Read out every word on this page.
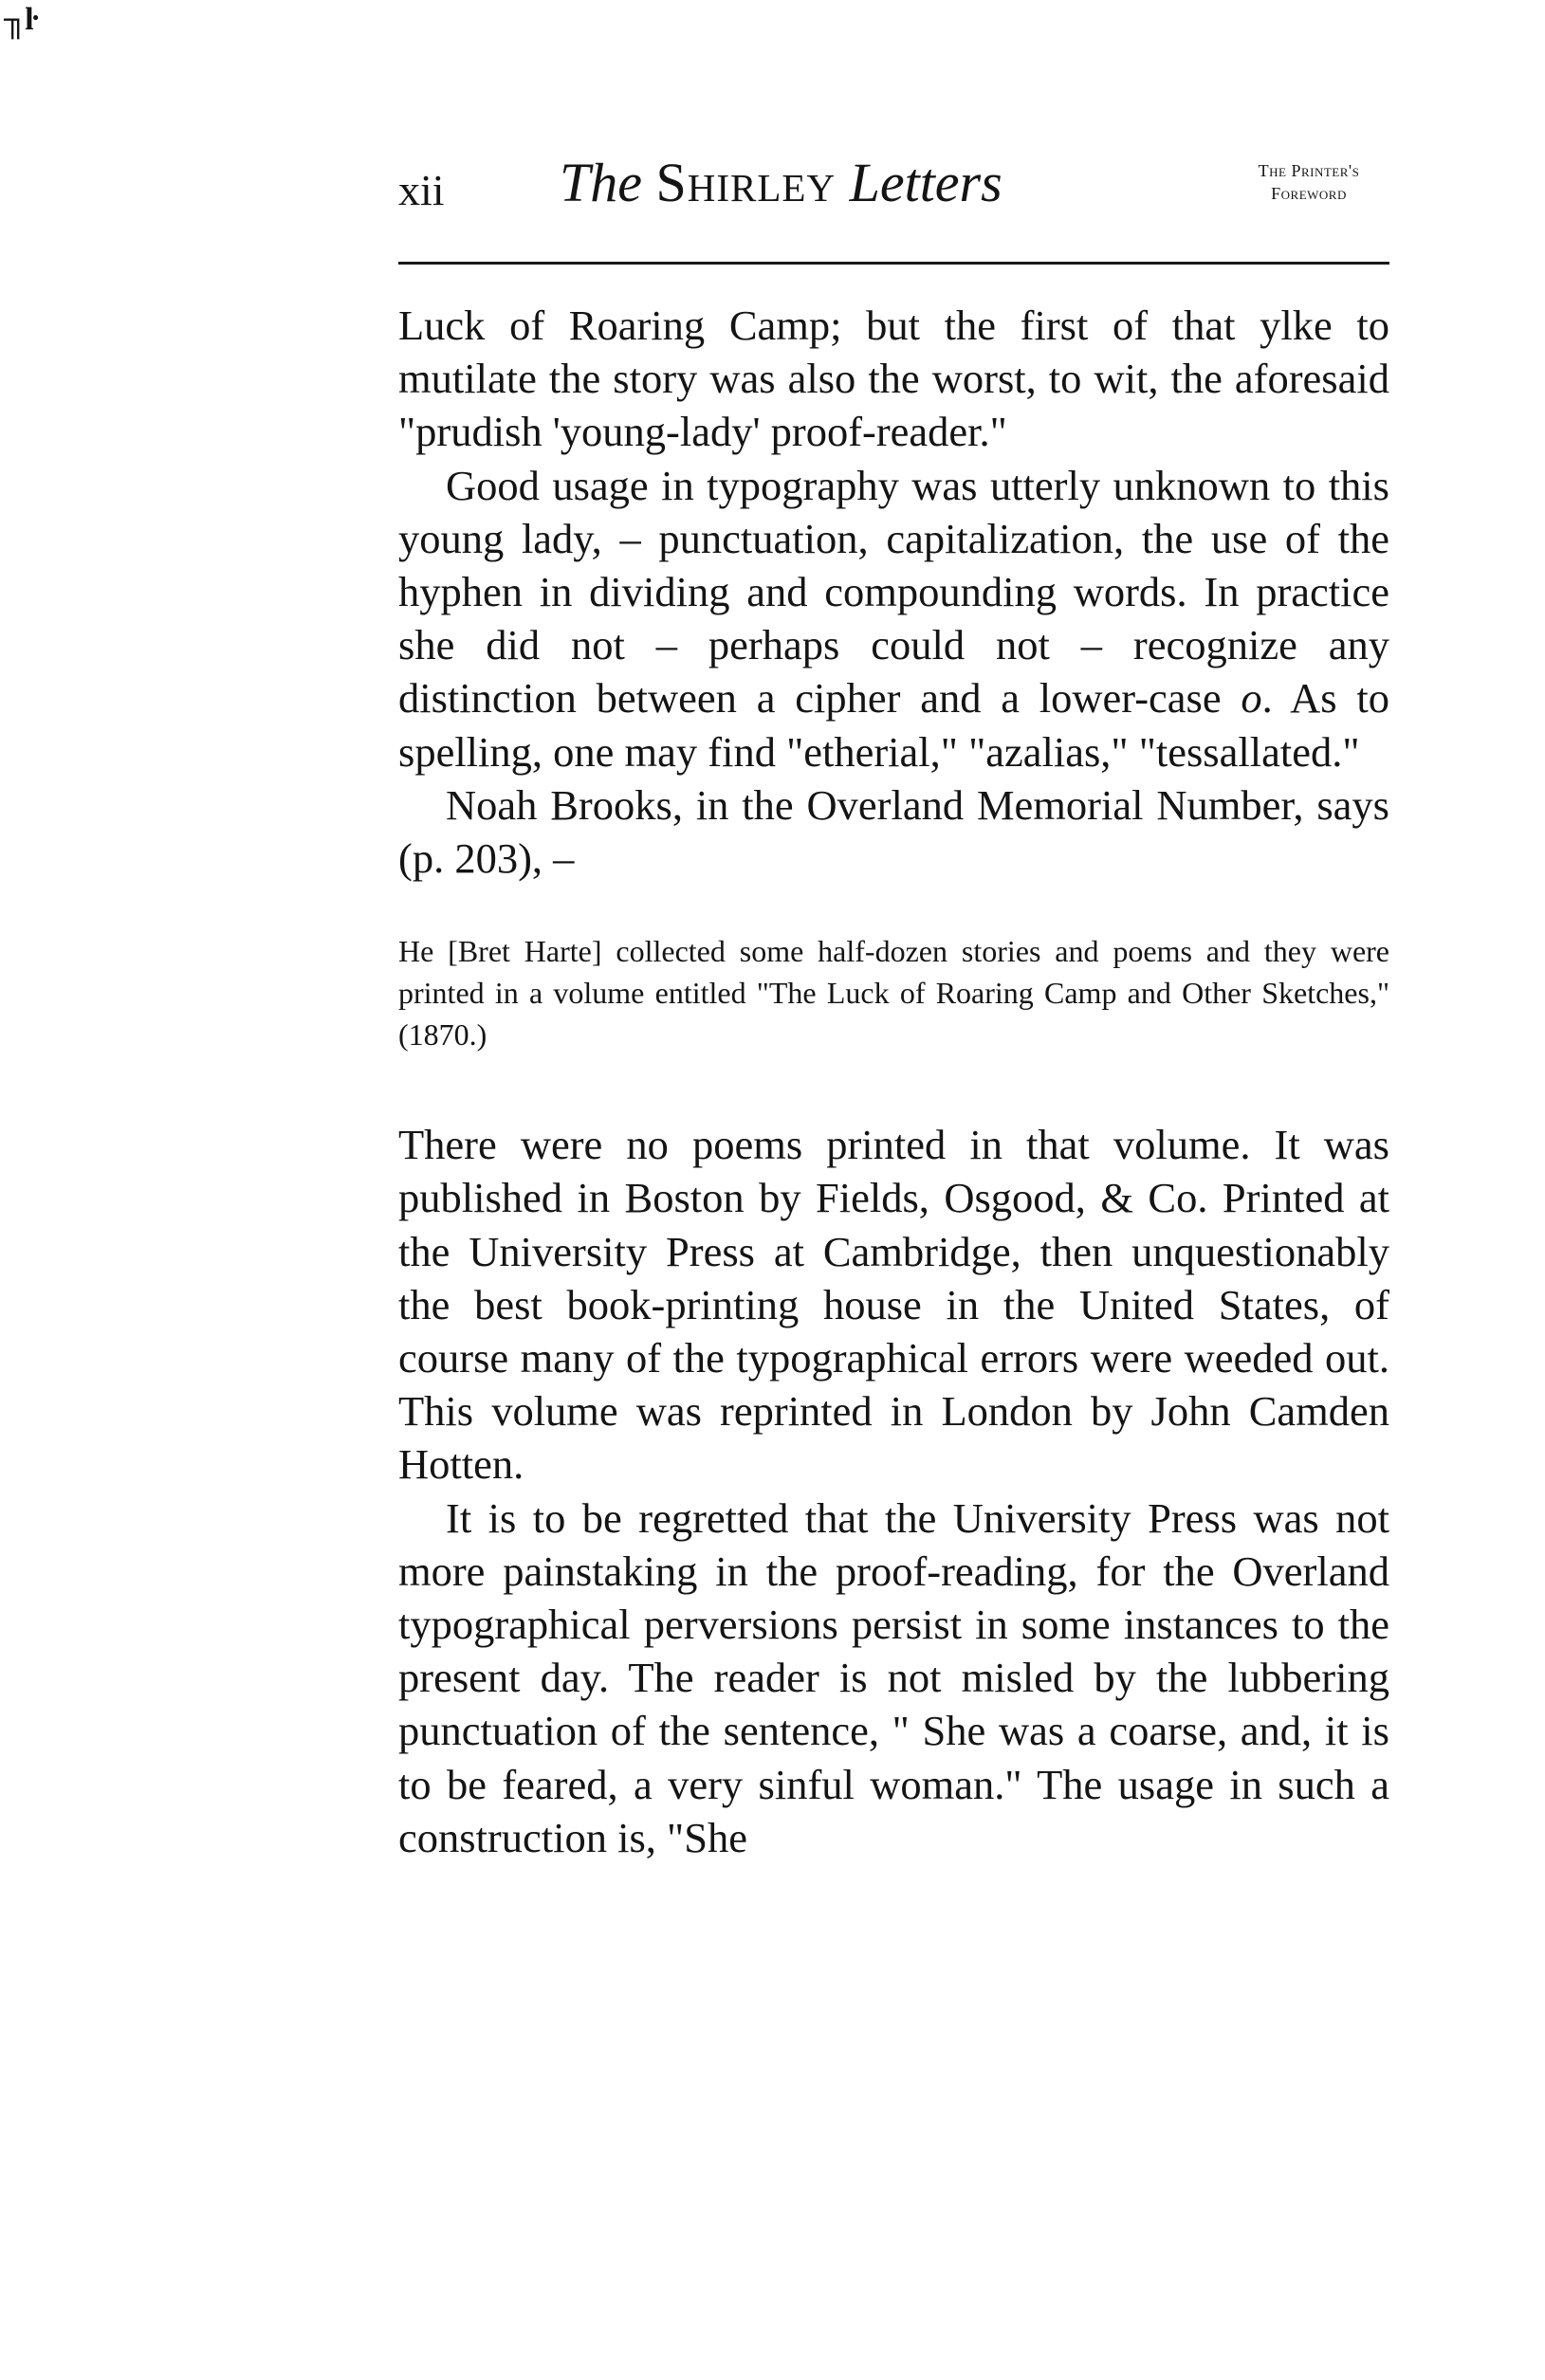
╖ŀ
xii The Shirley Letters	The Printer's
Foreword

Luck of Roaring Camp; but the first of that ylke to mutilate the story was also the worst, to wit, the aforesaid "prudish 'young-lady' proof-reader."

Good usage in typography was utterly unknown to this young lady, – punctuation, capitalization, the use of the hyphen in dividing and compounding words. In practice she did not – perhaps could not – recognize any distinction between a cipher and a lower-case o. As to spelling, one may find "etherial," "azalias," "tessallated."

Noah Brooks, in the Overland Memorial Number, says (p. 203), –

He [Bret Harte] collected some half-dozen stories and poems and they were printed in a volume entitled "The Luck of Roaring Camp and Other Sketches," (1870.)

There were no poems printed in that volume. It was published in Boston by Fields, Osgood, & Co. Printed at the University Press at Cambridge, then unquestionably the best book-printing house in the United States, of course many of the typographical errors were weeded out. This volume was reprinted in London by John Camden Hotten.

It is to be regretted that the University Press was not more painstaking in the proof-reading, for the Overland typographical perversions persist in some instances to the present day. The reader is not misled by the lubbering punctuation of the sentence, " She was a coarse, and, it is to be feared, a very sinful woman." The usage in such a construction is, "She
